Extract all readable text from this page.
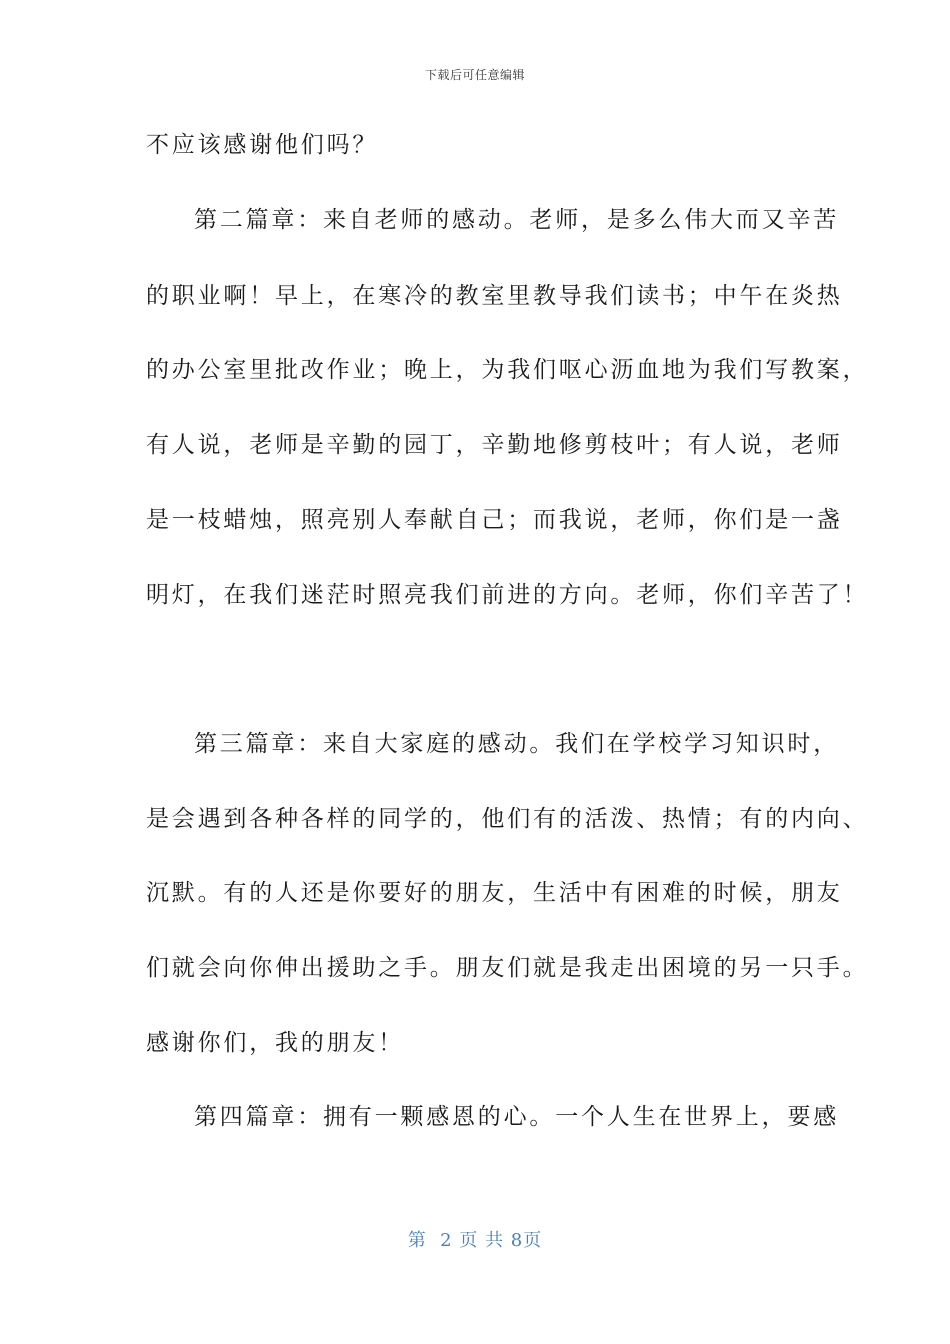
下载后可任意编辑
不应该感谢他们吗？
第二篇章：来自老师的感动。老师，是多么伟大而又辛苦
的职业啊！早上，在寒冷的教室里教导我们读书；中午在炎热
的办公室里批改作业；晚上，为我们呕心沥血地为我们写教案，
有人说，老师是辛勤的园丁，辛勤地修剪枝叶；有人说，老师
是一枝蜡烛，照亮别人奉献自己；而我说，老师，你们是一盏
明灯，在我们迷茫时照亮我们前进的方向。老师，你们辛苦了！
第三篇章：来自大家庭的感动。我们在学校学习知识时，
是会遇到各种各样的同学的，他们有的活泼、热情；有的内向、
沉默。有的人还是你要好的朋友，生活中有困难的时候，朋友
们就会向你伸出援助之手。朋友们就是我走出困境的另一只手。
感谢你们，我的朋友！
第四篇章：拥有一颗感恩的心。一个人生在世界上，要感
第  2 页 共 8页
